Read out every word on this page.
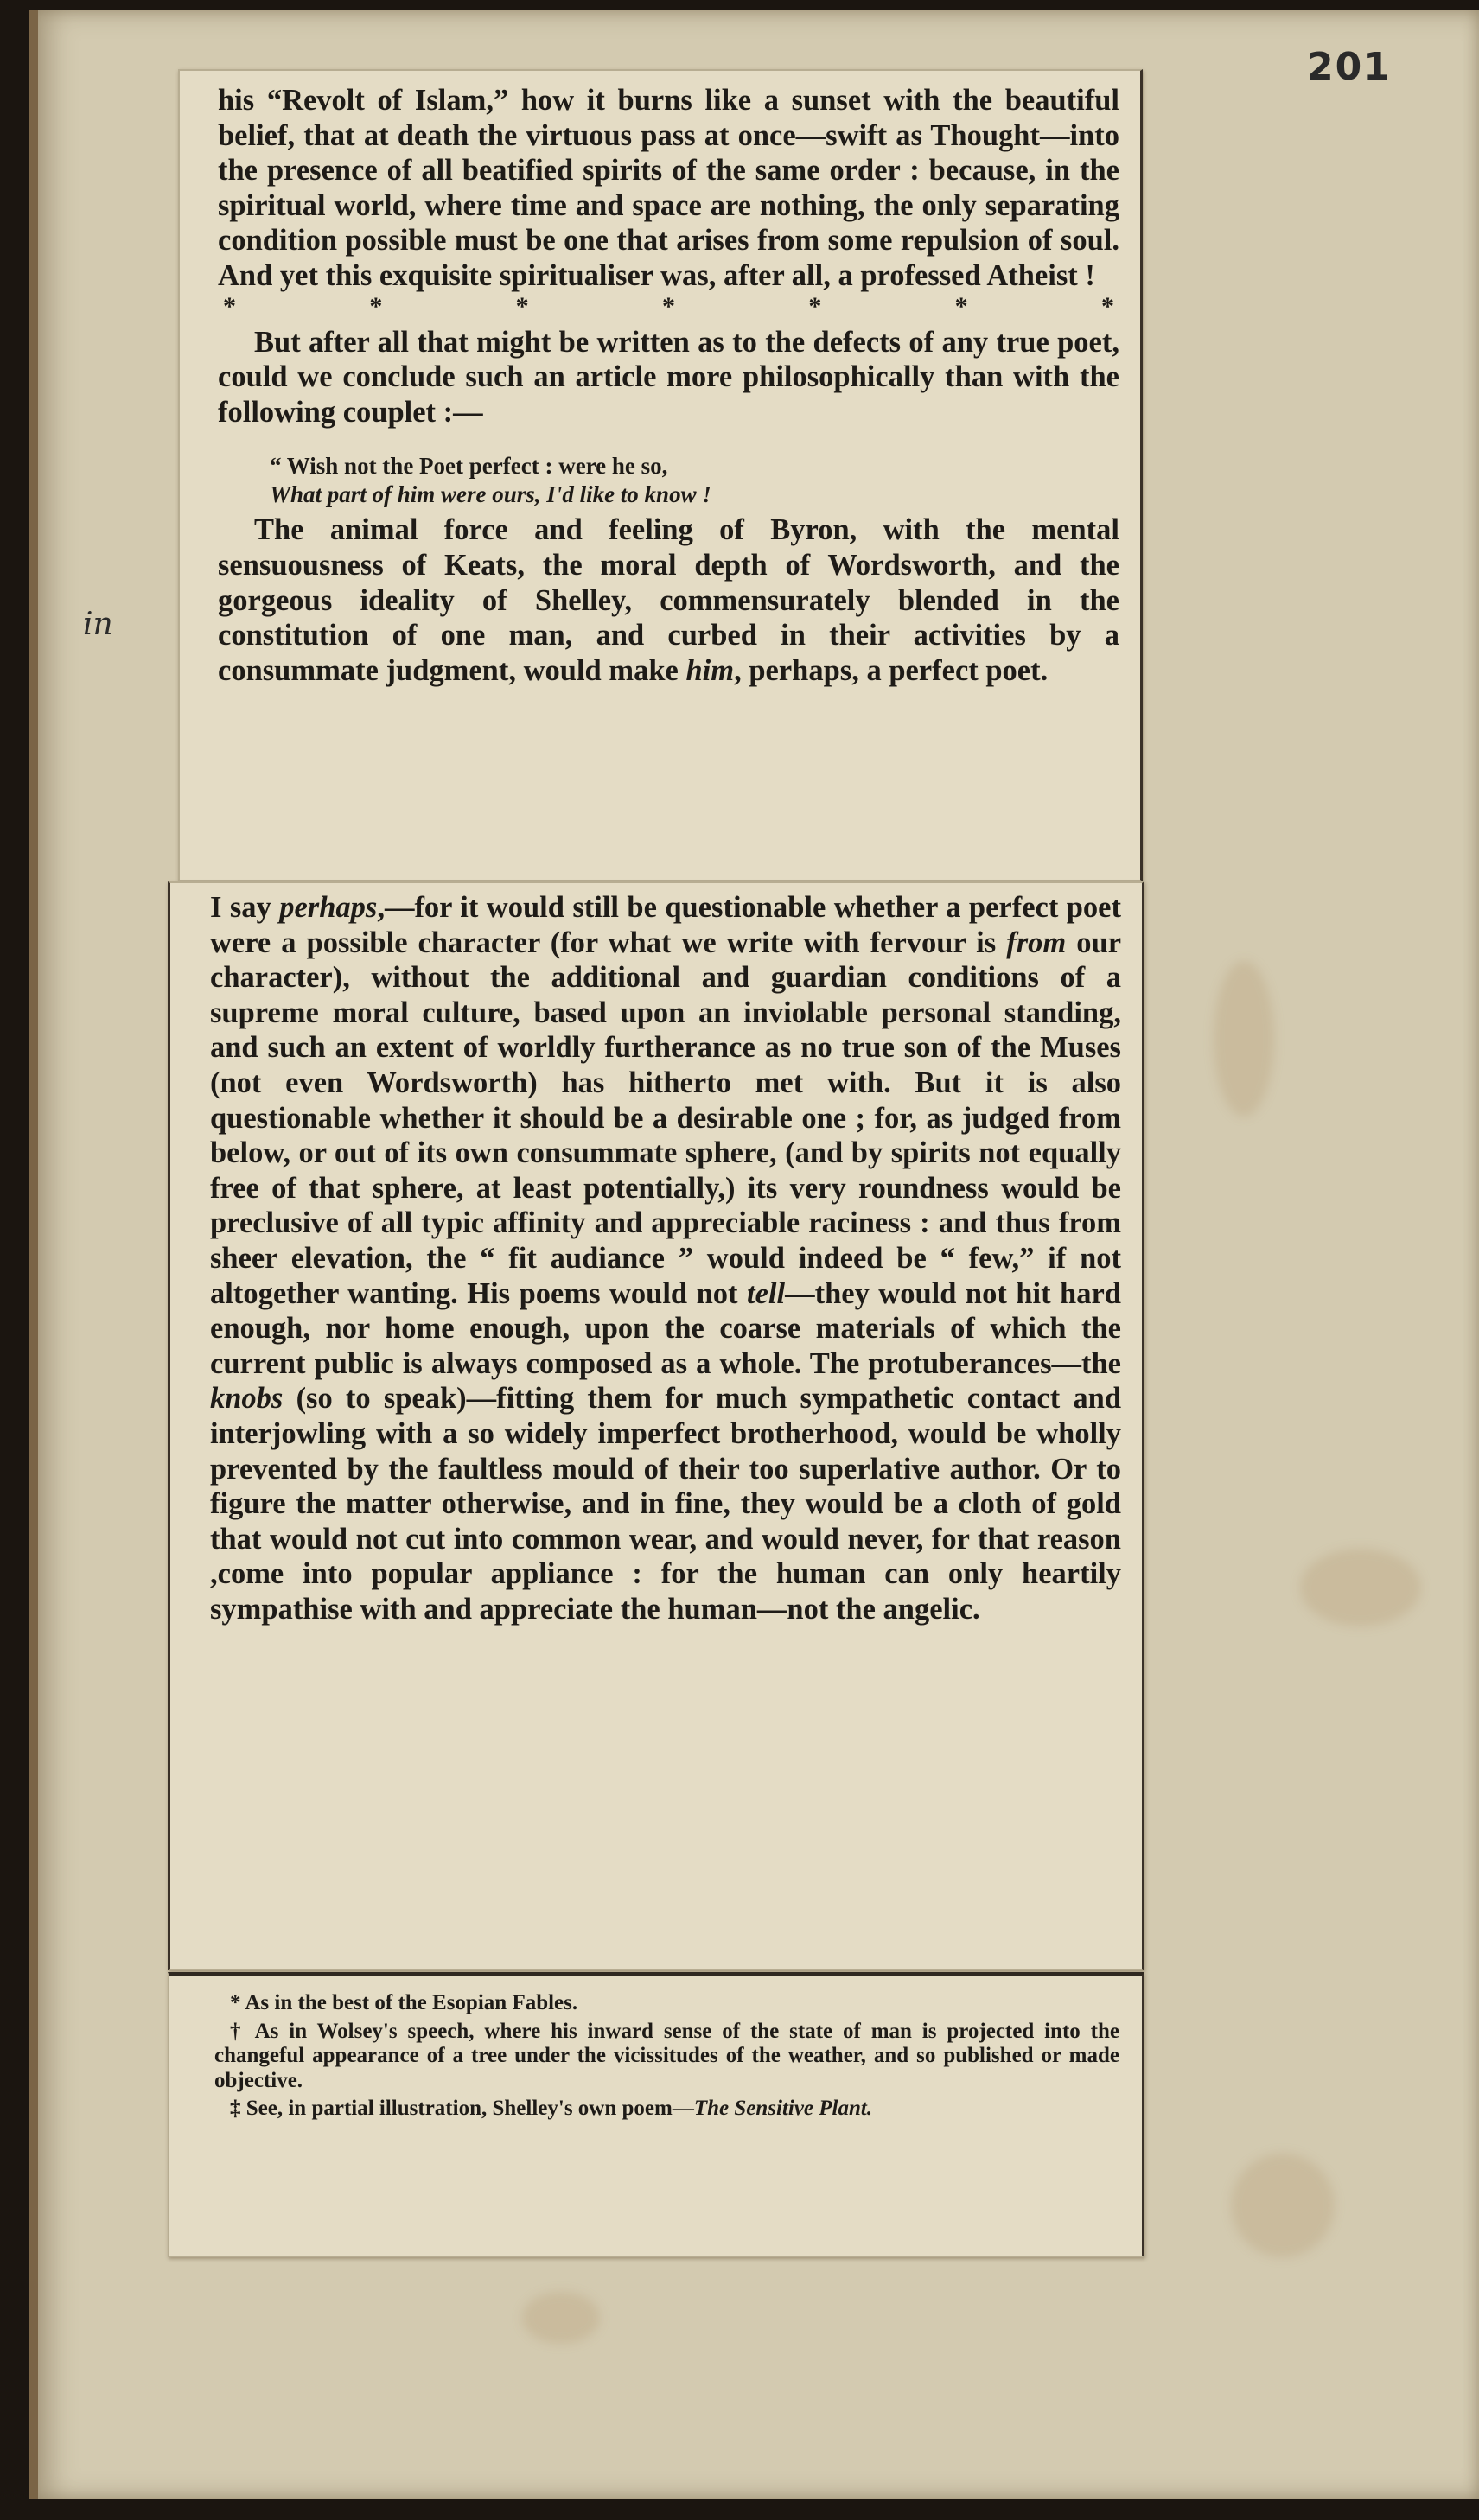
201
in

his “Revolt of Islam,” how it burns like a sunset with the beautiful belief, that at death the virtuous pass at once—swift as Thought—into the presence of all beatified spirits of the same order : because, in the spiritual world, where time and space are nothing, the only separating condition possible must be one that arises from some repulsion of soul. And yet this exquisite spiritualiser was, after all, a professed Atheist !

*	*	*	*	*	*	*

But after all that might be written as to the defects of any true poet, could we conclude such an article more philosophically than with the following couplet :—

“ Wish not the Poet perfect : were he so,
What part of him were ours, I'd like to know !

The animal force and feeling of Byron, with the mental sensuousness of Keats, the moral depth of Wordsworth, and the gorgeous ideality of Shelley, commensurately blended in the constitution of one man, and curbed in their activities by a consummate judgment, would make him, perhaps, a perfect poet.

I say perhaps,—for it would still be questionable whether a perfect poet were a possible character (for what we write with fervour is from our character), without the additional and guardian conditions of a supreme moral culture, based upon an inviolable personal standing, and such an extent of worldly furtherance as no true son of the Muses (not even Wordsworth) has hitherto met with. But it is also questionable whether it should be a desirable one ; for, as judged from below, or out of its own consummate sphere, (and by spirits not equally free of that sphere, at least potentially,) its very roundness would be preclusive of all typic affinity and appreciable raciness : and thus from sheer elevation, the “ fit audiance ” would indeed be “ few,” if not altogether wanting. His poems would not tell—they would not hit hard enough, nor home enough, upon the coarse materials of which the current public is always composed as a whole. The protuberances—the knobs (so to speak)—fitting them for much sympathetic contact and interjowling with a so widely imperfect brotherhood, would be wholly prevented by the faultless mould of their too superlative author. Or to figure the matter otherwise, and in fine, they would be a cloth of gold that would not cut into common wear, and would never, for that reason ,come into popular appliance : for the human can only heartily sympathise with and appreciate the human—not the angelic.

* As in the best of the Esopian Fables.

† As in Wolsey's speech, where his inward sense of the state of man is projected into the changeful appearance of a tree under the vicissitudes of the weather, and so published or made objective.

‡ See, in partial illustration, Shelley's own poem—The Sensitive Plant.
